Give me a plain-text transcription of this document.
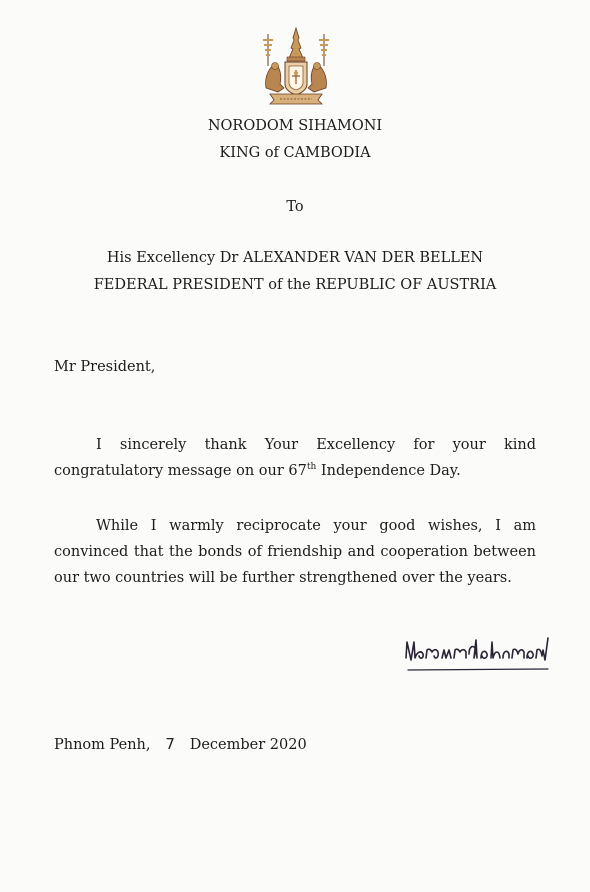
NORODOM SIHAMONI
KING of CAMBODIA
To
His Excellency Dr ALEXANDER VAN DER BELLEN
FEDERAL PRESIDENT of the REPUBLIC OF AUSTRIA
Mr President,
I sincerely thank Your Excellency for your kind congratulatory message on our 67th Independence Day.
While I warmly reciprocate your good wishes, I am convinced that the bonds of friendship and cooperation between our two countries will be further strengthened over the years.
Phnom Penh, 7 December 2020
